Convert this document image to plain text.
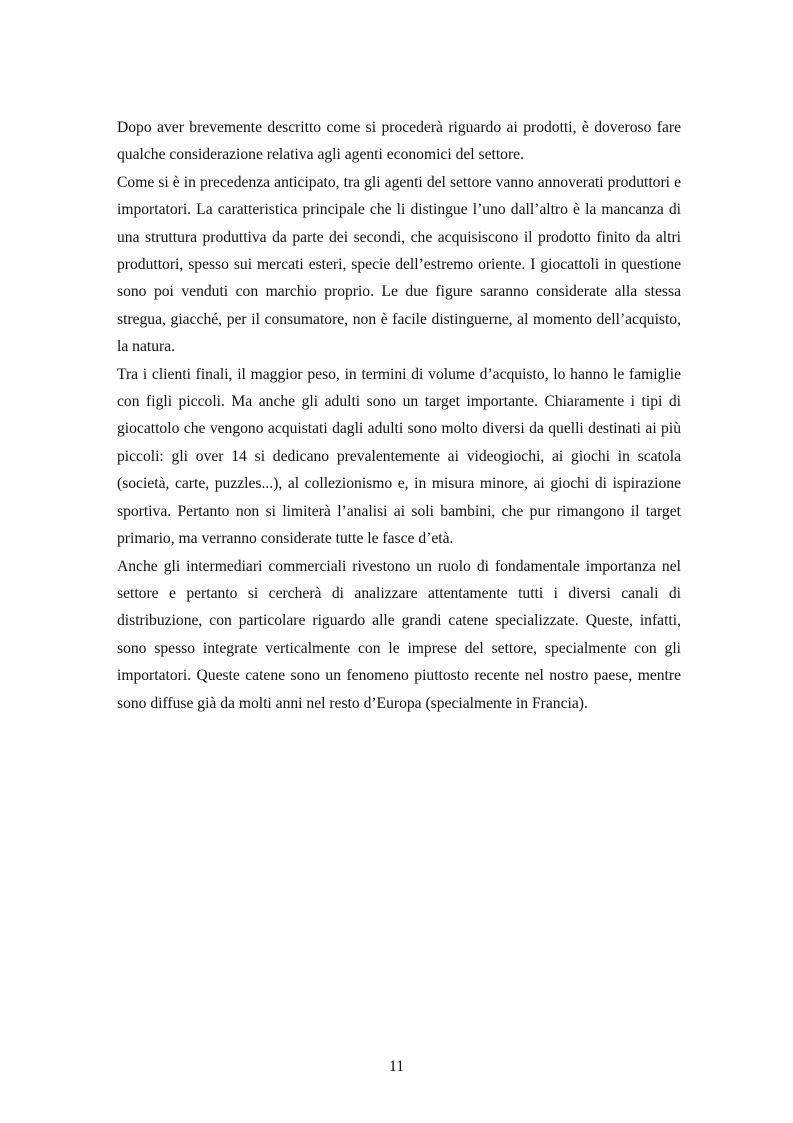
Dopo aver brevemente descritto come si procederà riguardo ai prodotti, è doveroso fare qualche considerazione relativa agli agenti economici del settore.

Come si è in precedenza anticipato, tra gli agenti del settore vanno annoverati produttori e importatori. La caratteristica principale che li distingue l’uno dall’altro è la mancanza di una struttura produttiva da parte dei secondi, che acquisiscono il prodotto finito da altri produttori, spesso sui mercati esteri, specie dell’estremo oriente. I giocattoli in questione sono poi venduti con marchio proprio. Le due figure saranno considerate alla stessa stregua, giacché, per il consumatore, non è facile distinguerne, al momento dell’acquisto, la natura.

Tra i clienti finali, il maggior peso, in termini di volume d’acquisto, lo hanno le famiglie con figli piccoli. Ma anche gli adulti sono un target importante. Chiaramente i tipi di giocattolo che vengono acquistati dagli adulti sono molto diversi da quelli destinati ai più piccoli: gli over 14 si dedicano prevalentemente ai videogiochi, ai giochi in scatola (società, carte, puzzles...), al collezionismo e, in misura minore, ai giochi di ispirazione sportiva. Pertanto non si limiterà l’analisi ai soli bambini, che pur rimangono il target primario, ma verranno considerate tutte le fasce d’età.

Anche gli intermediari commerciali rivestono un ruolo di fondamentale importanza nel settore e pertanto si cercherà di analizzare attentamente tutti i diversi canali di distribuzione, con particolare riguardo alle grandi catene specializzate. Queste, infatti, sono spesso integrate verticalmente con le imprese del settore, specialmente con gli importatori. Queste catene sono un fenomeno piuttosto recente nel nostro paese, mentre sono diffuse già da molti anni nel resto d’Europa (specialmente in Francia).

11
